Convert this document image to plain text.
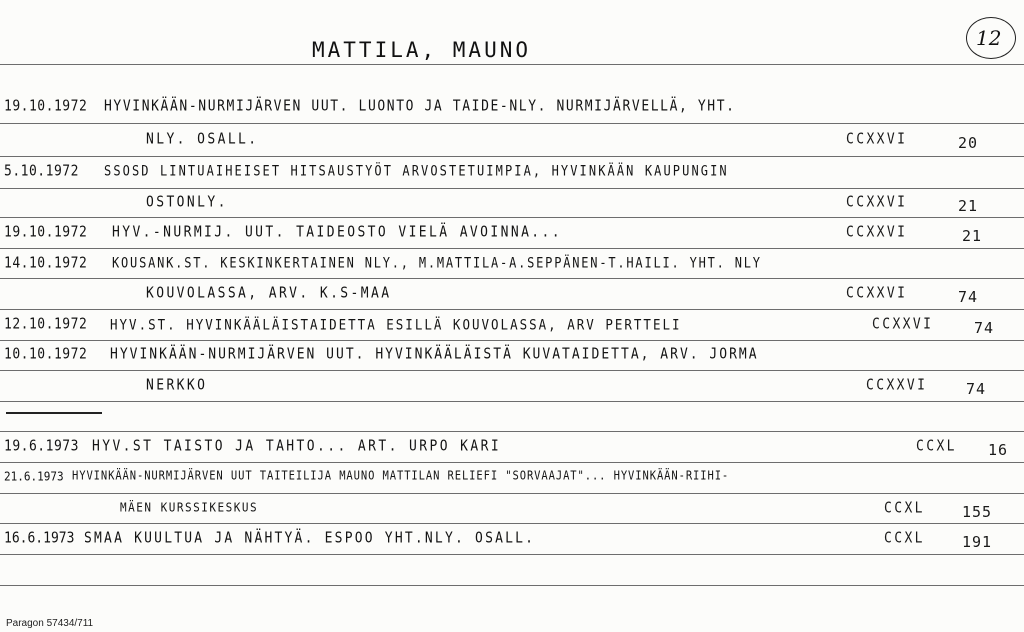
MATTILA, MAUNO	12
19.10.1972 HYVINKÄÄN-NURMIJÄRVEN UUT. LUONTO JA TAIDE-NLY. NURMIJÄRVELLÄ, YHT.
NLY. OSALL.	CCXXVI	20
5.10.1972 SSOSD LINTUAIHEISET HITSAUSTYÖT ARVOSTETUIMPIA, HYVINKÄÄN KAUPUNGIN
OSTONLY.	CCXXVI	21
19.10.1972 HYV.-NURMIJ. UUT. TAIDEOSTO VIELÄ AVOINNA...	CCXXVI	21
14.10.1972 KOUSANK.ST. KESKINKERTAINEN NLY., M.MATTILA-A.SEPPÄNEN-T.HAILI. YHT. NLY
KOUVOLASSA, ARV. K.S-MAA	CCXXVI	74
12.10.1972 HYV.ST. HYVINKÄÄLÄISTAIDETTA ESILLÄ KOUVOLASSA, ARV PERTTELI	CCXXVI	74
10.10.1972 HYVINKÄÄN-NURMIJÄRVEN UUT. HYVINKÄÄLÄISTÄ KUVATAIDETTA, ARV. JORMA
NERKKO	CCXXVI	74
19.6.1973 HYV.ST TAISTO JA TAHTO... ART. URPO KARI	CCXL 16
21.6.1973 HYVINKÄÄN-NURMIJÄRVEN UUT TAITEILIJA MAUNO MATTILAN RELIEFI "SORVAAJAT"... HYVINKÄÄN-RIIHI-
MÄEN KURSSIKESKUS	CCXL 155
16.6.1973 SMAA KUULTUA JA NÄHTYÄ. ESPOO YHT.NLY. OSALL.	CCXL 191
Paragon 57434/711
